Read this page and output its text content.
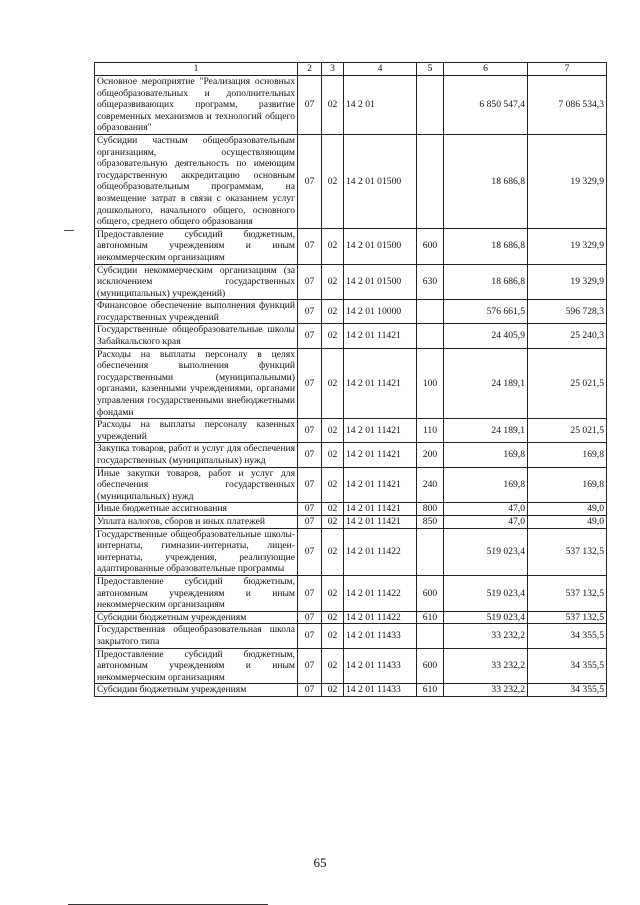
1	2	3	4	5	6	7
Основное мероприятие "Реализация основных общеобразовательных и дополнительных общеразвивающих программ, развитие современных механизмов и технологий общего образования"	07	02	14 2 01		6 850 547,4	7 086 534,3
Субсидии частным общеобразовательным организациям, осуществляющим образовательную деятельность по имеющим государственную аккредитацию основным общеобразовательным программам, на возмещение затрат в связи с оказанием услуг дошкольного, начального общего, основного общего, среднего общего образования	07	02	14 2 01 01500		18 686,8	19 329,9
Предоставление субсидий бюджетным, автономным учреждениям и иным некоммерческим организациям	07	02	14 2 01 01500	600	18 686,8	19 329,9
Субсидии некоммерческим организациям (за исключением государственных (муниципальных) учреждений)	07	02	14 2 01 01500	630	18 686,8	19 329,9
Финансовое обеспечение выполнения функций государственных учреждений	07	02	14 2 01 10000		576 661,5	596 728,3
Государственные общеобразовательные школы Забайкальского края	07	02	14 2 01 11421		24 405,9	25 240,3
Расходы на выплаты персоналу в целях обеспечения выполнения функций государственными (муниципальными) органами, казенными учреждениями, органами управления государственными внебюджетными фондами	07	02	14 2 01 11421	100	24 189,1	25 021,5
Расходы на выплаты персоналу казенных учреждений	07	02	14 2 01 11421	110	24 189,1	25 021,5
Закупка товаров, работ и услуг для обеспечения государственных (муниципальных) нужд	07	02	14 2 01 11421	200	169,8	169,8
Иные закупки товаров, работ и услуг для обеспечения государственных (муниципальных) нужд	07	02	14 2 01 11421	240	169,8	169,8
Иные бюджетные ассигнования	07	02	14 2 01 11421	800	47,0	49,0
Уплата налогов, сборов и иных платежей	07	02	14 2 01 11421	850	47,0	49,0
Государственные общеобразовательные школы-интернаты, гимназии-интернаты, лицеи-интернаты, учреждения, реализующие адаптированные образовательные программы	07	02	14 2 01 11422		519 023,4	537 132,5
Предоставление субсидий бюджетным, автономным учреждениям и иным некоммерческим организациям	07	02	14 2 01 11422	600	519 023,4	537 132,5
Субсидии бюджетным учреждениям	07	02	14 2 01 11422	610	519 023,4	537 132,5
Государственная общеобразовательная школа закрытого типа	07	02	14 2 01 11433		33 232,2	34 355,5
Предоставление субсидий бюджетным, автономным учреждениям и иным некоммерческим организациям	07	02	14 2 01 11433	600	33 232,2	34 355,5
Субсидии бюджетным учреждениям	07	02	14 2 01 11433	610	33 232,2	34 355,5
65
